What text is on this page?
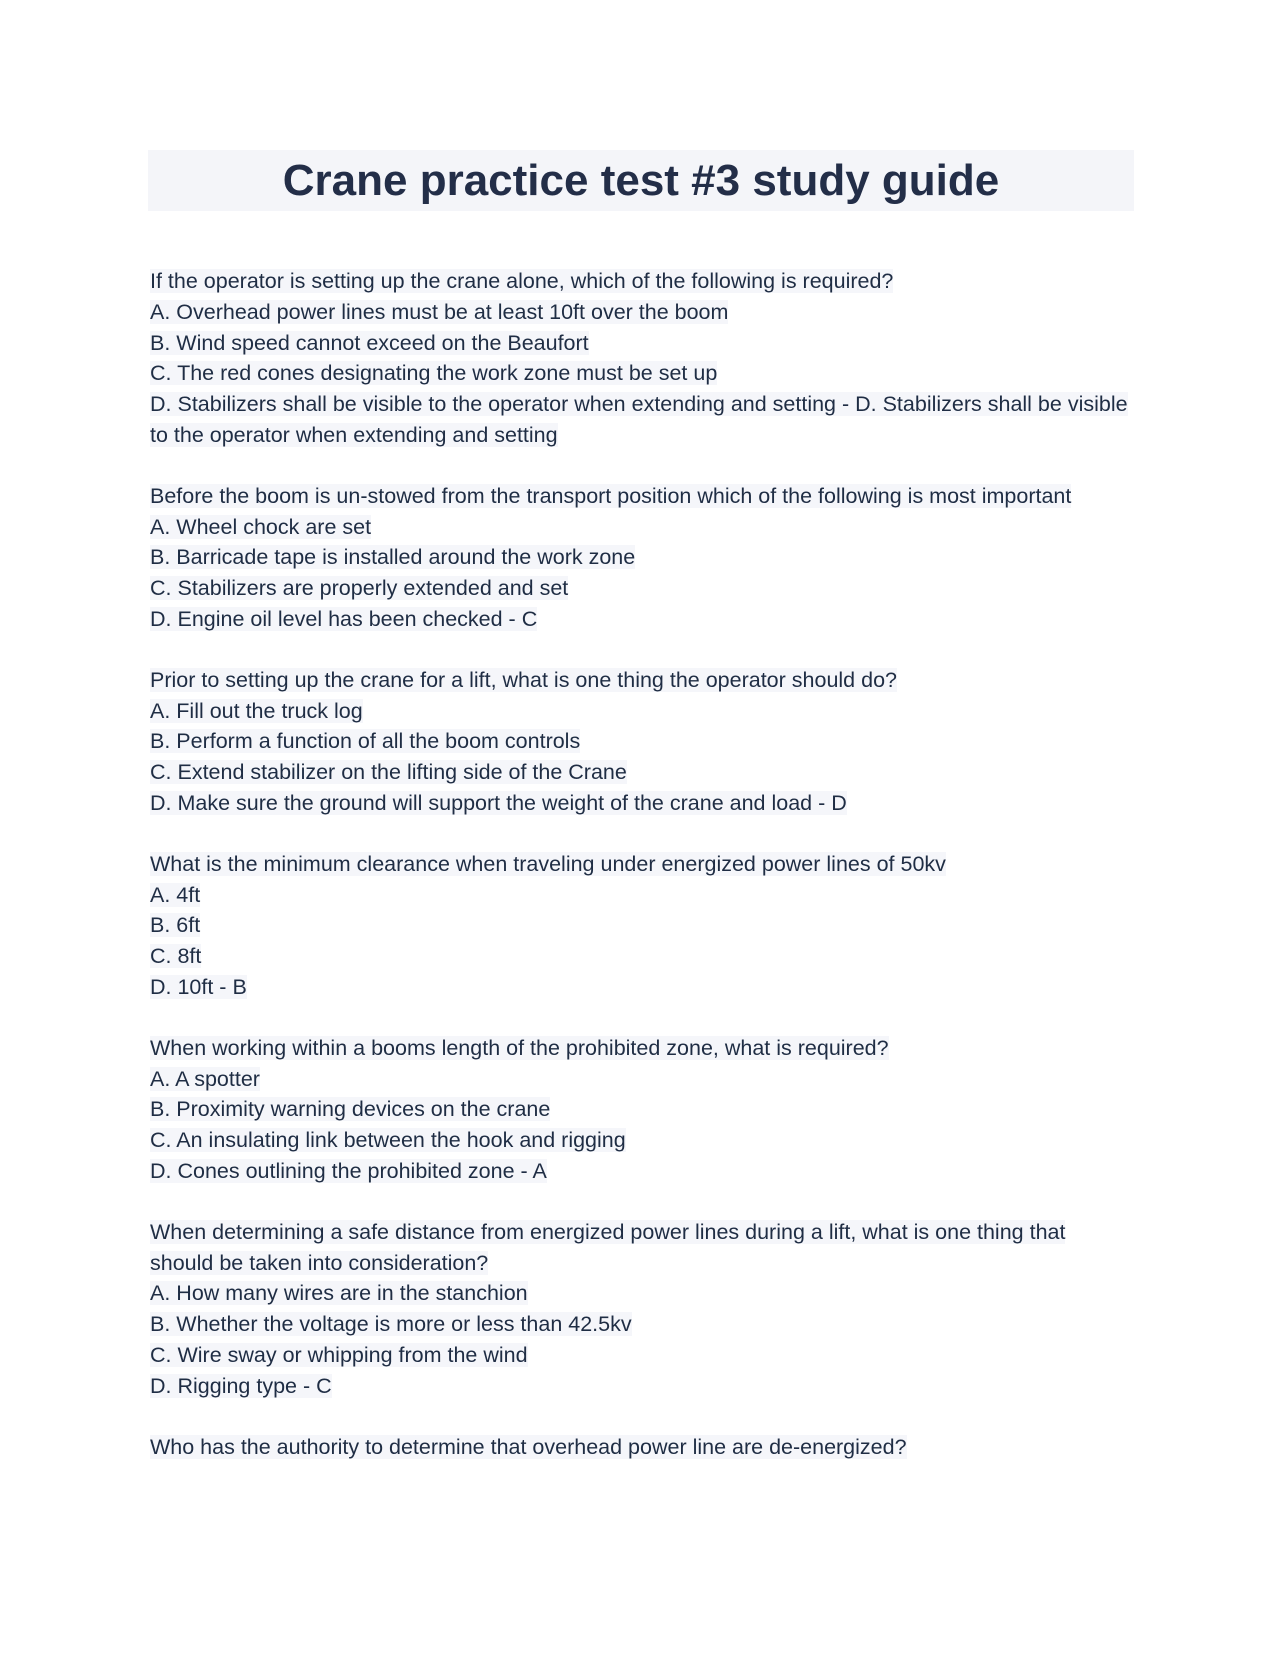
Crane practice test #3 study guide
If the operator is setting up the crane alone, which of the following is required?
A. Overhead power lines must be at least 10ft over the boom
B. Wind speed cannot exceed on the Beaufort
C. The red cones designating the work zone must be set up
D. Stabilizers shall be visible to the operator when extending and setting - D. Stabilizers shall be visible to the operator when extending and setting
Before the boom is un-stowed from the transport position which of the following is most important
A. Wheel chock are set
B. Barricade tape is installed around the work zone
C. Stabilizers are properly extended and set
D. Engine oil level has been checked - C
Prior to setting up the crane for a lift, what is one thing the operator should do?
A. Fill out the truck log
B. Perform a function of all the boom controls
C. Extend stabilizer on the lifting side of the Crane
D. Make sure the ground will support the weight of the crane and load - D
What is the minimum clearance when traveling under energized power lines of 50kv
A. 4ft
B. 6ft
C. 8ft
D. 10ft - B
When working within a booms length of the prohibited zone, what is required?
A. A spotter
B. Proximity warning devices on the crane
C. An insulating link between the hook and rigging
D. Cones outlining the prohibited zone - A
When determining a safe distance from energized power lines during a lift, what is one thing that should be taken into consideration?
A. How many wires are in the stanchion
B. Whether the voltage is more or less than 42.5kv
C. Wire sway or whipping from the wind
D. Rigging type - C
Who has the authority to determine that overhead power line are de-energized?
